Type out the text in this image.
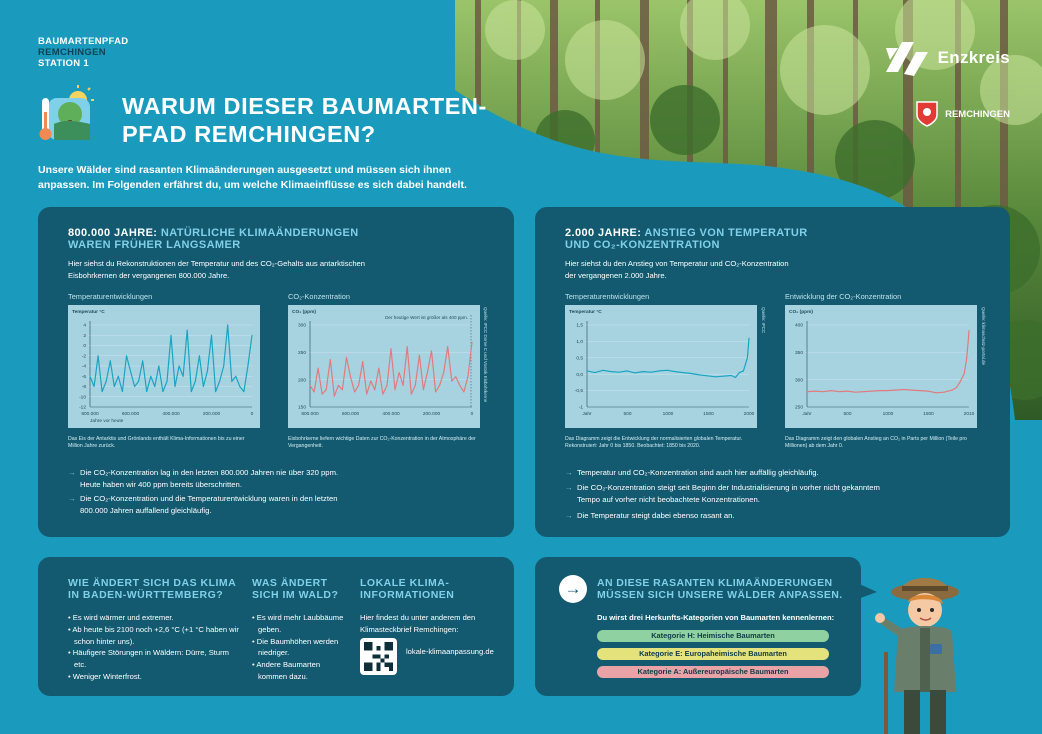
BAUMARTENPFAD
REMCHINGEN
STATION 1
WARUM DIESER BAUMARTEN-
PFAD REMCHINGEN?
Unsere Wälder sind rasanten Klimaänderungen ausgesetzt und müssen sich ihnen anpassen. Im Folgenden erfährst du, um welche Klimaeinflüsse es sich dabei handelt.
Enzkreis
REMCHINGEN
800.000 JAHRE: NATÜRLICHE KLIMAÄNDERUNGEN
WAREN FRÜHER LANGSAMER
Hier siehst du Rekonstruktionen der Temperatur und des CO₂-Gehalts aus antarktischen Eisbohrkernen der vergangenen 800.000 Jahre.
Temperaturentwicklungen	CO₂-Konzentration
Temperatur °C
4
2
0
-2
-4
-6
-8
-10
-12
800.000	600.000	400.000	200.000	0
Jahre vor heute
CO₂ (ppm)
300
250
200
150
800.000	600.000	400.000	200.000	0
Der heutige Wert ist größer als 400 ppm.	Quelle: IPCC Dome C und Vostok Eisbohrkerne
Das Eis der Antarktis und Grönlands enthält Klima-Informationen bis zu einer Million Jahre zurück.
Eisbohrkerne liefern wichtige Daten zur CO₂-Konzentration in der Atmosphäre der Vergangenheit.
→ Die CO₂-Konzentration lag in den letzten 800.000 Jahren nie über 320 ppm. Heute haben wir 400 ppm bereits überschritten.
→ Die CO₂-Konzentration und die Temperaturentwicklung waren in den letzten 800.000 Jahren auffallend gleichläufig.
2.000 JAHRE: ANSTIEG VON TEMPERATUR
UND CO₂-KONZENTRATION
Hier siehst du den Anstieg von Temperatur und CO₂-Konzentration der vergangenen 2.000 Jahre.
Temperaturentwicklungen	Entwicklung der CO₂-Konzentration
Temperatur °C
1,5
1,0
0,5
0,0
-0,5
-1
Jahr	500	1000	1500	2000
Quelle: IPCC	CO₂ (ppm)
400
350
300
250
Jahr	500	1000	1500	2010
Quelle: klimaschutz-portal.de
Das Diagramm zeigt die Entwicklung der normalisierten globalen Temperatur. Rekonstruiert: Jahr 0 bis 1850. Beobachtet: 1850 bis 2020.
Das Diagramm zeigt den globalen Anstieg an CO₂ in Parts per Million (Teile pro Millionen) ab dem Jahr 0.
→ Temperatur und CO₂-Konzentration sind auch hier auffällig gleichläufig.
→ Die CO₂-Konzentration steigt seit Beginn der Industrialisierung in vorher nicht gekanntem Tempo auf vorher nicht beobachtete Konzentrationen.
→ Die Temperatur steigt dabei ebenso rasant an.
WIE ÄNDERT SICH DAS KLIMA IN BADEN-WÜRTTEMBERG?
• Es wird wärmer und extremer.
• Ab heute bis 2100 noch +2,6 °C (+1 °C haben wir schon hinter uns).
• Häufigere Störungen in Wäldern: Dürre, Sturm etc.
• Weniger Winterfrost.
WAS ÄNDERT SICH IM WALD?
• Es wird mehr Laubbäume geben.
• Die Baumhöhen werden niedriger.
• Andere Baumarten kommen dazu.
LOKALE KLIMA-INFORMATIONEN
Hier findest du unter anderem den Klimasteckbrief Remchingen:
lokale-klimaanpassung.de
→	AN DIESE RASANTEN KLIMAÄNDERUNGEN MÜSSEN SICH UNSERE WÄLDER ANPASSEN.
Du wirst drei Herkunfts-Kategorien von Baumarten kennenlernen:
Kategorie H: Heimische Baumarten
Kategorie E: Europaheimische Baumarten
Kategorie A: Außereuropäische Baumarten
